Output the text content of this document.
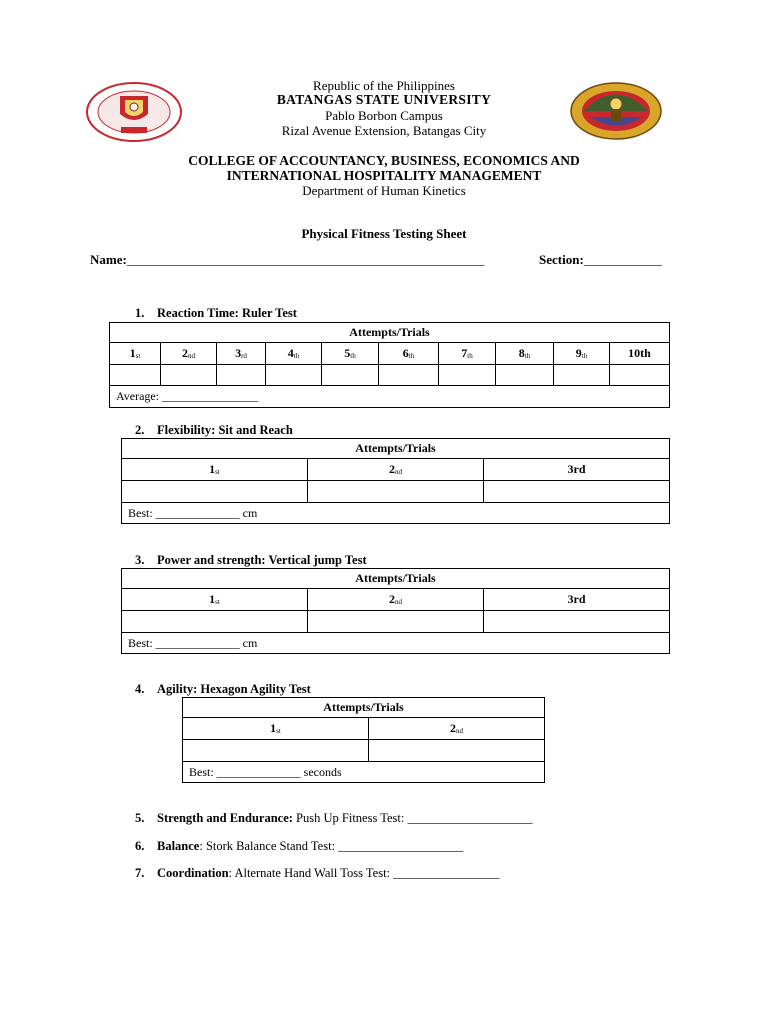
Republic of the Philippines
BATANGAS STATE UNIVERSITY
Pablo Borbon Campus
Rizal Avenue Extension, Batangas City
COLLEGE OF ACCOUNTANCY, BUSINESS, ECONOMICS AND
INTERNATIONAL HOSPITALITY MANAGEMENT
Department of Human Kinetics
Physical Fitness Testing Sheet
Name:_______________________________________________________	Section:____________
1. Reaction Time: Ruler Test
Attempts/Trials									
$1_{st}$	$2_{nd}$	$3_{rd}$	$4_{th}$	$5_{th}$	$6_{th}$	$7_{th}$	$8_{th}$	$9_{th}$	10th

Average: ________________									
2. Flexibility: Sit and Reach
Attempts/Trials		
$1_{st}$	$2_{nd}$	3rd

Best: ______________ cm		
3. Power and strength: Vertical jump Test
Attempts/Trials		
$1_{st}$	$2_{nd}$	3rd

Best: ______________ cm		
4. Agility: Hexagon Agility Test
Attempts/Trials	
$1_{st}$	$2_{nd}$

Best: ______________ seconds	
5. Strength and Endurance: Push Up Fitness Test: ____________________
6. Balance: Stork Balance Stand Test: ____________________
7. Coordination: Alternate Hand Wall Toss Test: _________________
